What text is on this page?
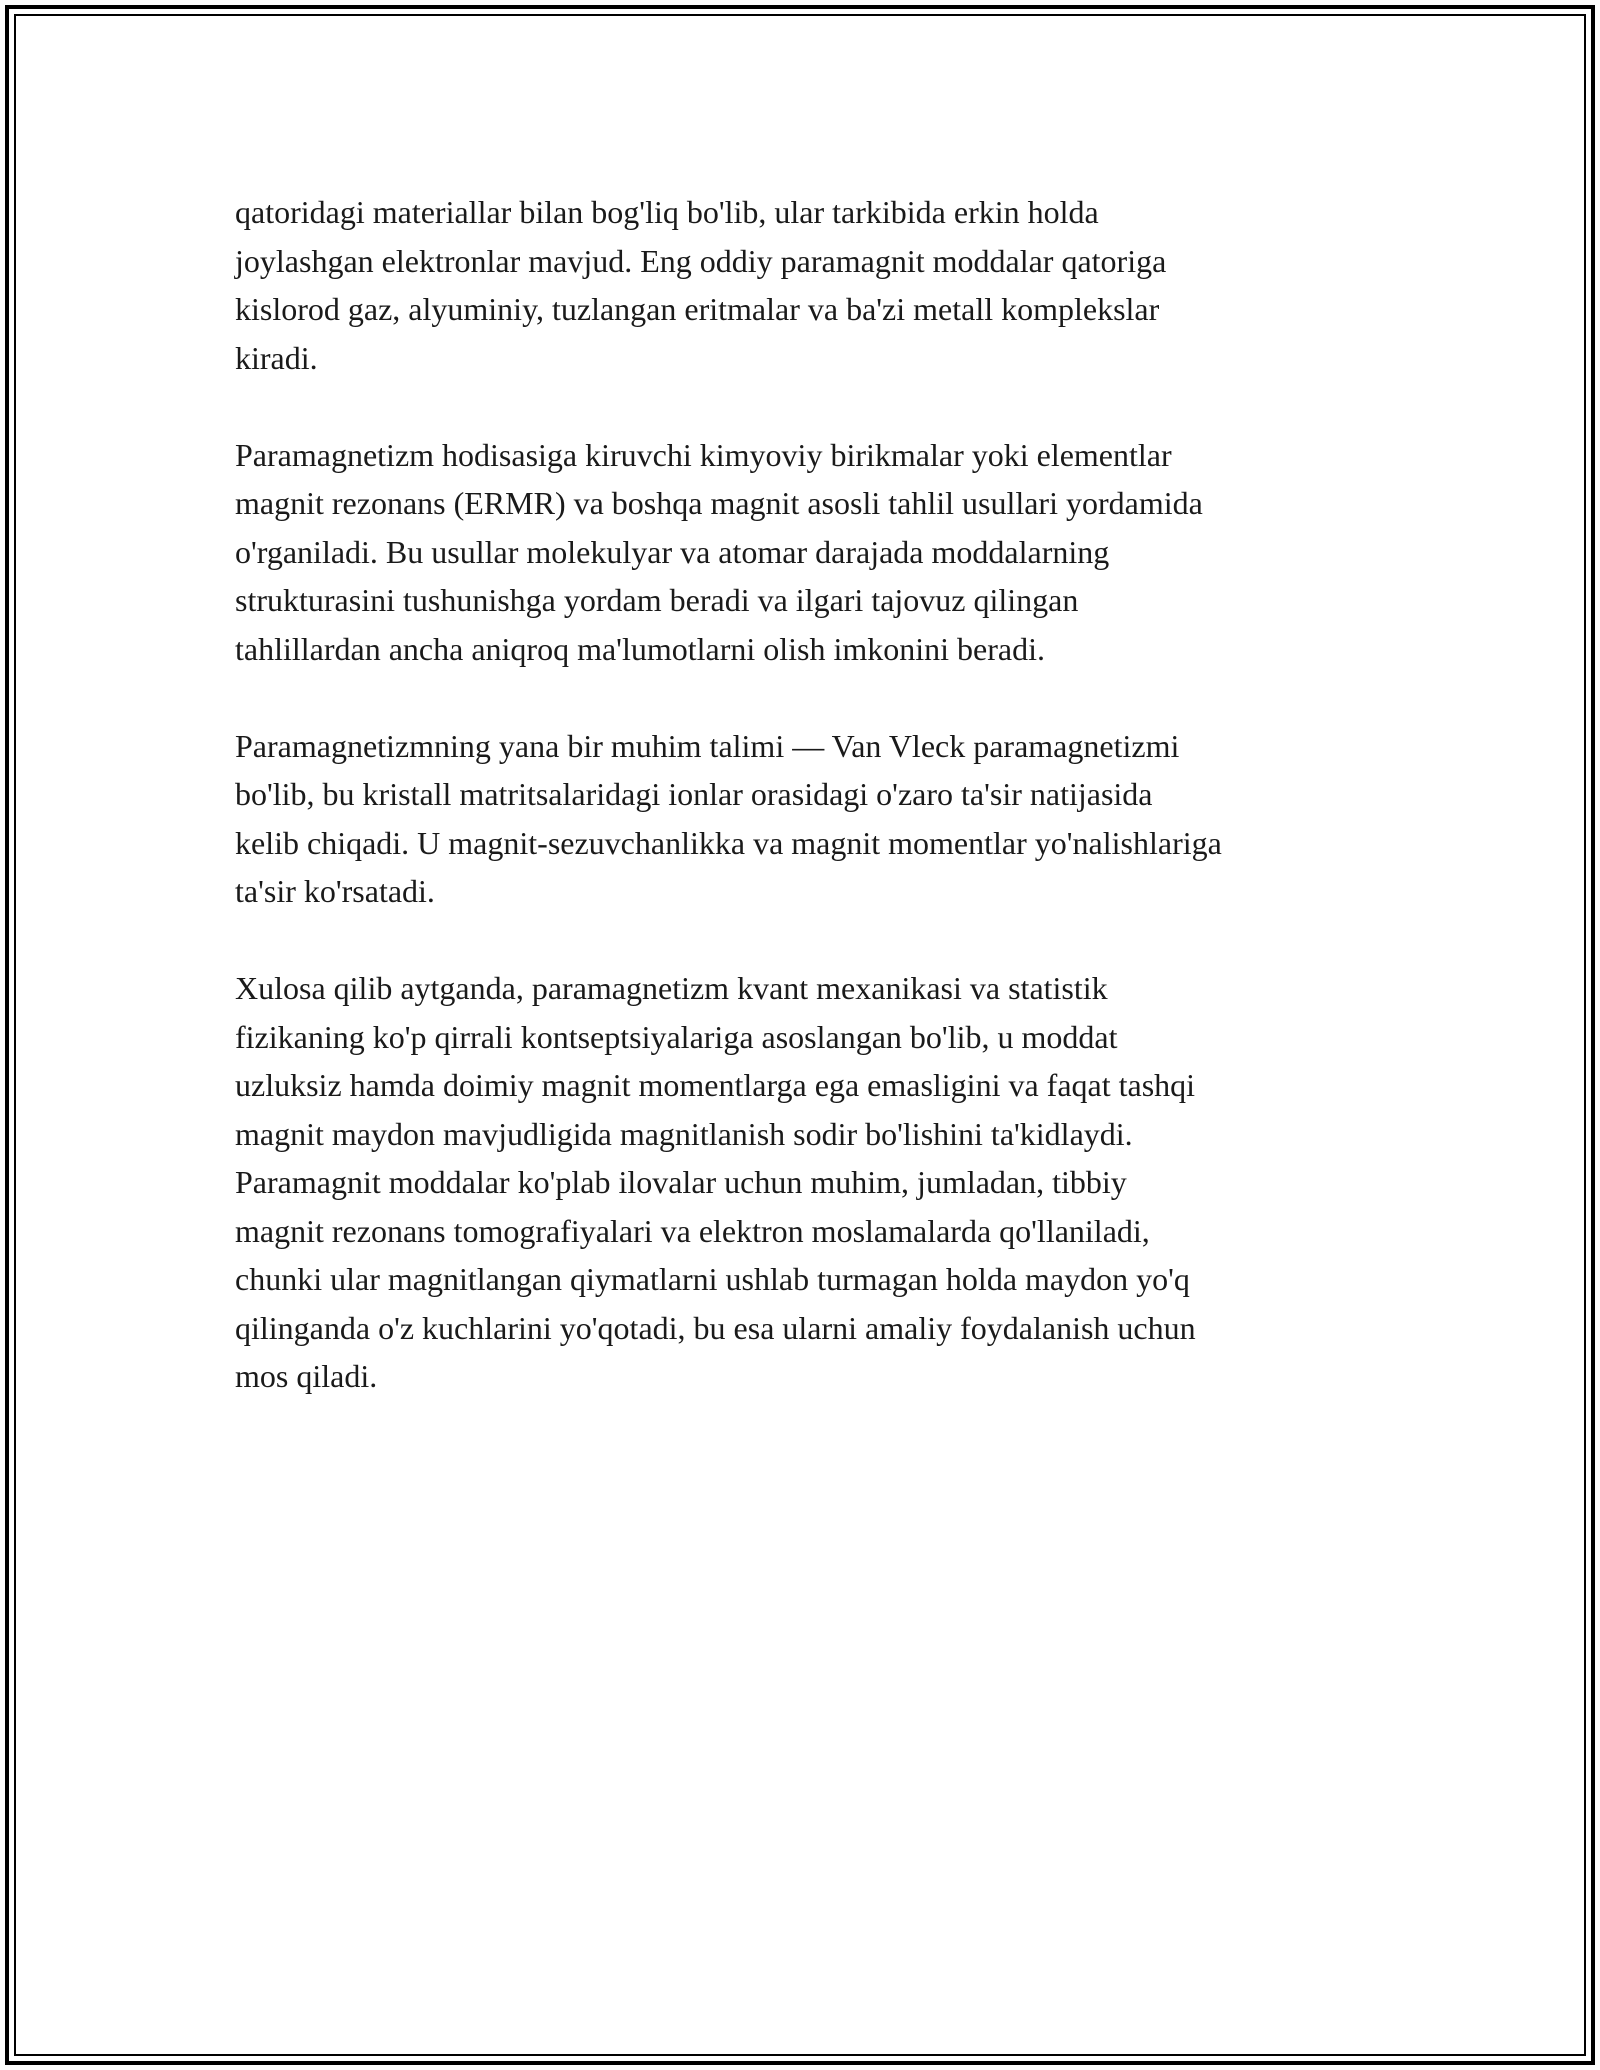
qatoridagi materiallar bilan bog'liq bo'lib, ular tarkibida erkin holda
joylashgan elektronlar mavjud. Eng oddiy paramagnit moddalar qatoriga
kislorod gaz, alyuminiy, tuzlangan eritmalar va ba'zi metall komplekslar
kiradi.

Paramagnetizm hodisasiga kiruvchi kimyoviy birikmalar yoki elementlar
magnit rezonans (ERMR) va boshqa magnit asosli tahlil usullari yordamida
o'rganiladi. Bu usullar molekulyar va atomar darajada moddalarning
strukturasini tushunishga yordam beradi va ilgari tajovuz qilingan
tahlillardan ancha aniqroq ma'lumotlarni olish imkonini beradi.

Paramagnetizmning yana bir muhim talimi — Van Vleck paramagnetizmi
bo'lib, bu kristall matritsalaridagi ionlar orasidagi o'zaro ta'sir natijasida
kelib chiqadi. U magnit-sezuvchanlikka va magnit momentlar yo'nalishlariga
ta'sir ko'rsatadi.

Xulosa qilib aytganda, paramagnetizm kvant mexanikasi va statistik
fizikaning ko'p qirrali kontseptsiyalariga asoslangan bo'lib, u moddat
uzluksiz hamda doimiy magnit momentlarga ega emasligini va faqat tashqi
magnit maydon mavjudligida magnitlanish sodir bo'lishini ta'kidlaydi.
Paramagnit moddalar ko'plab ilovalar uchun muhim, jumladan, tibbiy
magnit rezonans tomografiyalari va elektron moslamalarda qo'llaniladi,
chunki ular magnitlangan qiymatlarni ushlab turmagan holda maydon yo'q
qilinganda o'z kuchlarini yo'qotadi, bu esa ularni amaliy foydalanish uchun
mos qiladi.
